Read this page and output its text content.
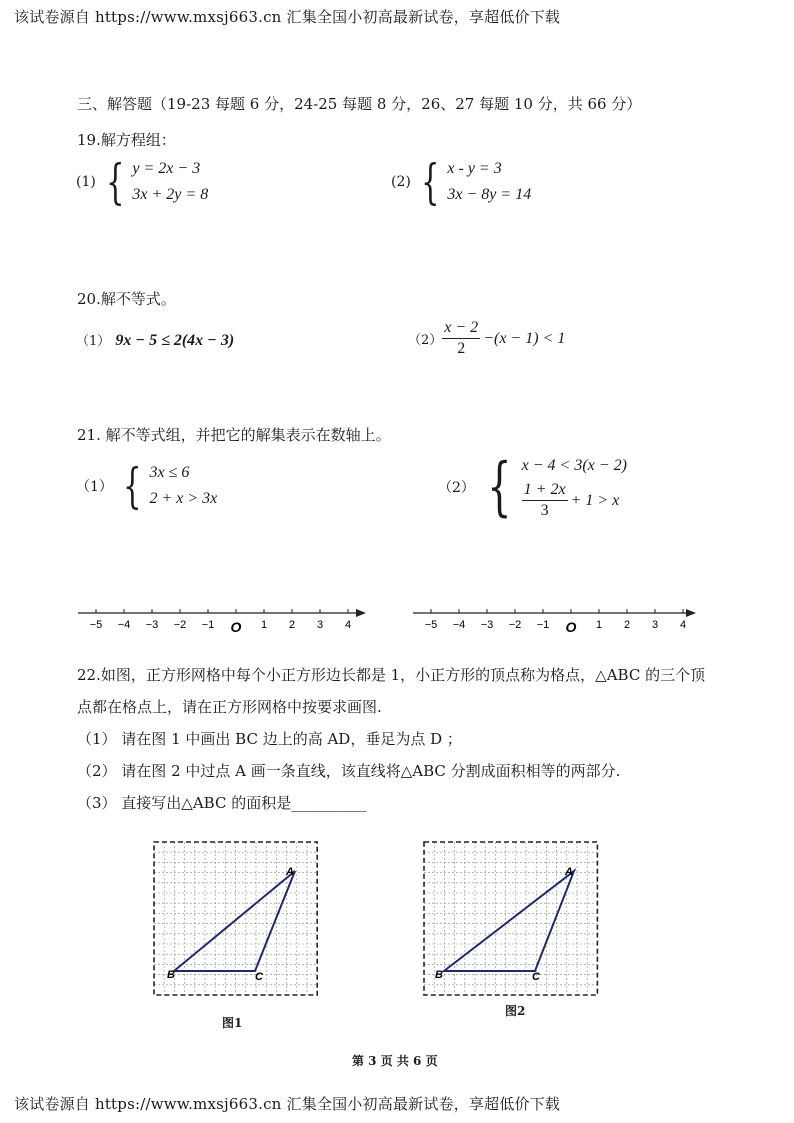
该试卷源自 https://www.mxsj663.cn 汇集全国小初高最新试卷，享超低价下载
三、解答题（19-23 每题 6 分，24-25 每题 8 分，26、27 每题 10 分，共 66 分）
19.解方程组：
(1) { y = 2x − 3
3x + 2y = 8
(2) { x - y = 3
3x − 8y = 14
20.解不等式。
（1） 9x − 5 ≤ 2(4x − 3)	$(2) \frac{x - 2}{2} -(x - 1) < 1$
21. 解不等式组，并把它的解集表示在数轴上。
（1） { 3x ≤ 6
2 + x > 3x
（2） { x − 4 < 3(x − 2)
$\frac{1 + 2x}{3} + 1 > x$
−5 −4 −3 −2 −1 O 1 2 3 4	−5 −4 −3 −2 −1 O 1 2 3 4
22.如图，正方形网格中每个小正方形边长都是 1，小正方形的顶点称为格点，△ABC 的三个顶
点都在格点上，请在正方形网格中按要求画图.
（1） 请在图 1 中画出 BC 边上的高 AD，垂足为点 D ；
（2） 请在图 2 中过点 A 画一条直线，该直线将△ABC 分割成面积相等的两部分.
（3） 直接写出△ABC 的面积是__________
B	C
A
图1
B	C
A
图2
第 3 页 共 6 页
该试卷源自 https://www.mxsj663.cn 汇集全国小初高最新试卷，享超低价下载
